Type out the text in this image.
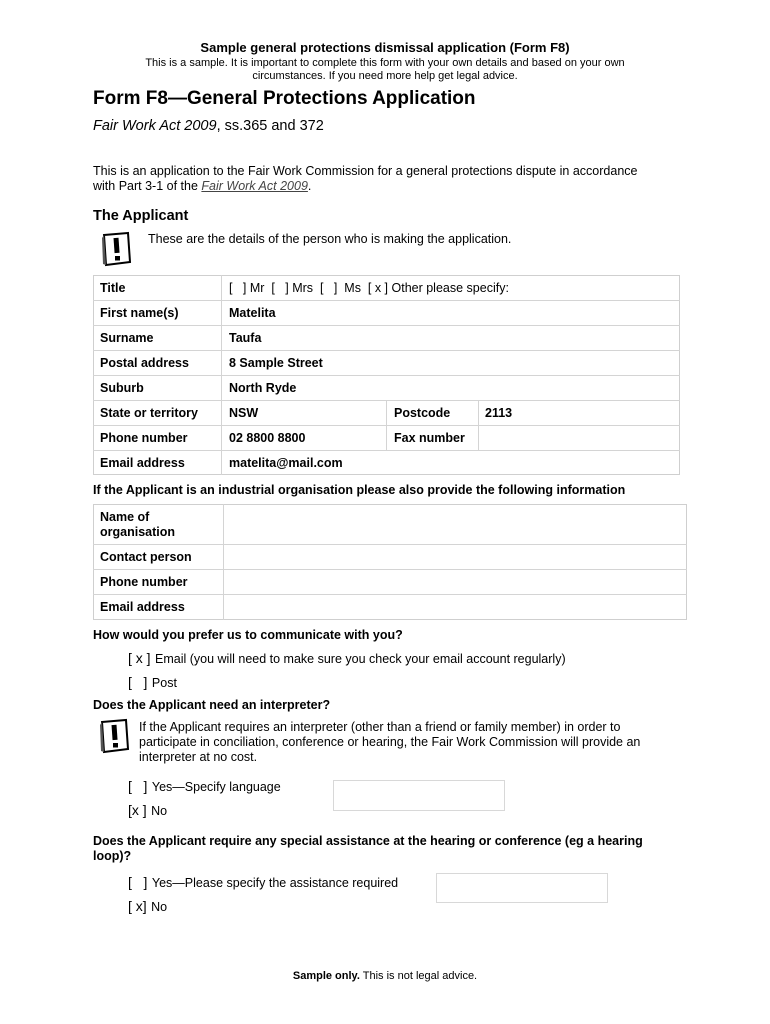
Sample general protections dismissal application (Form F8)
This is a sample. It is important to complete this form with your own details and based on your own
circumstances. If you need more help get legal advice.
Form F8—General Protections Application
Fair Work Act 2009, ss.365 and 372
This is an application to the Fair Work Commission for a general protections dispute in accordance
with Part 3-1 of the Fair Work Act 2009.
The Applicant
These are the details of the person who is making the application.
Title	[   ] Mr  [   ] Mrs  [   ]  Ms  [ x ] Other please specify:
First name(s)	Matelita
Surname	Taufa
Postal address	8 Sample Street
Suburb	North Ryde
State or territory NSW	Postcode	2113
Phone number	02 8800 8800	Fax number
Email address	matelita@mail.com
If the Applicant is an industrial organisation please also provide the following information
Name of
organisation
Contact person
Phone number
Email address
How would you prefer us to communicate with you?
[ x ] Email (you will need to make sure you check your email account regularly)
[   ] Post
Does the Applicant need an interpreter?
If the Applicant requires an interpreter (other than a friend or family member) in order to
participate in conciliation, conference or hearing, the Fair Work Commission will provide an
interpreter at no cost.
[   ] Yes—Specify language
[x ] No
Does the Applicant require any special assistance at the hearing or conference (eg a hearing
loop)?
[   ] Yes—Please specify the assistance required
[ x] No
Sample only. This is not legal advice.
